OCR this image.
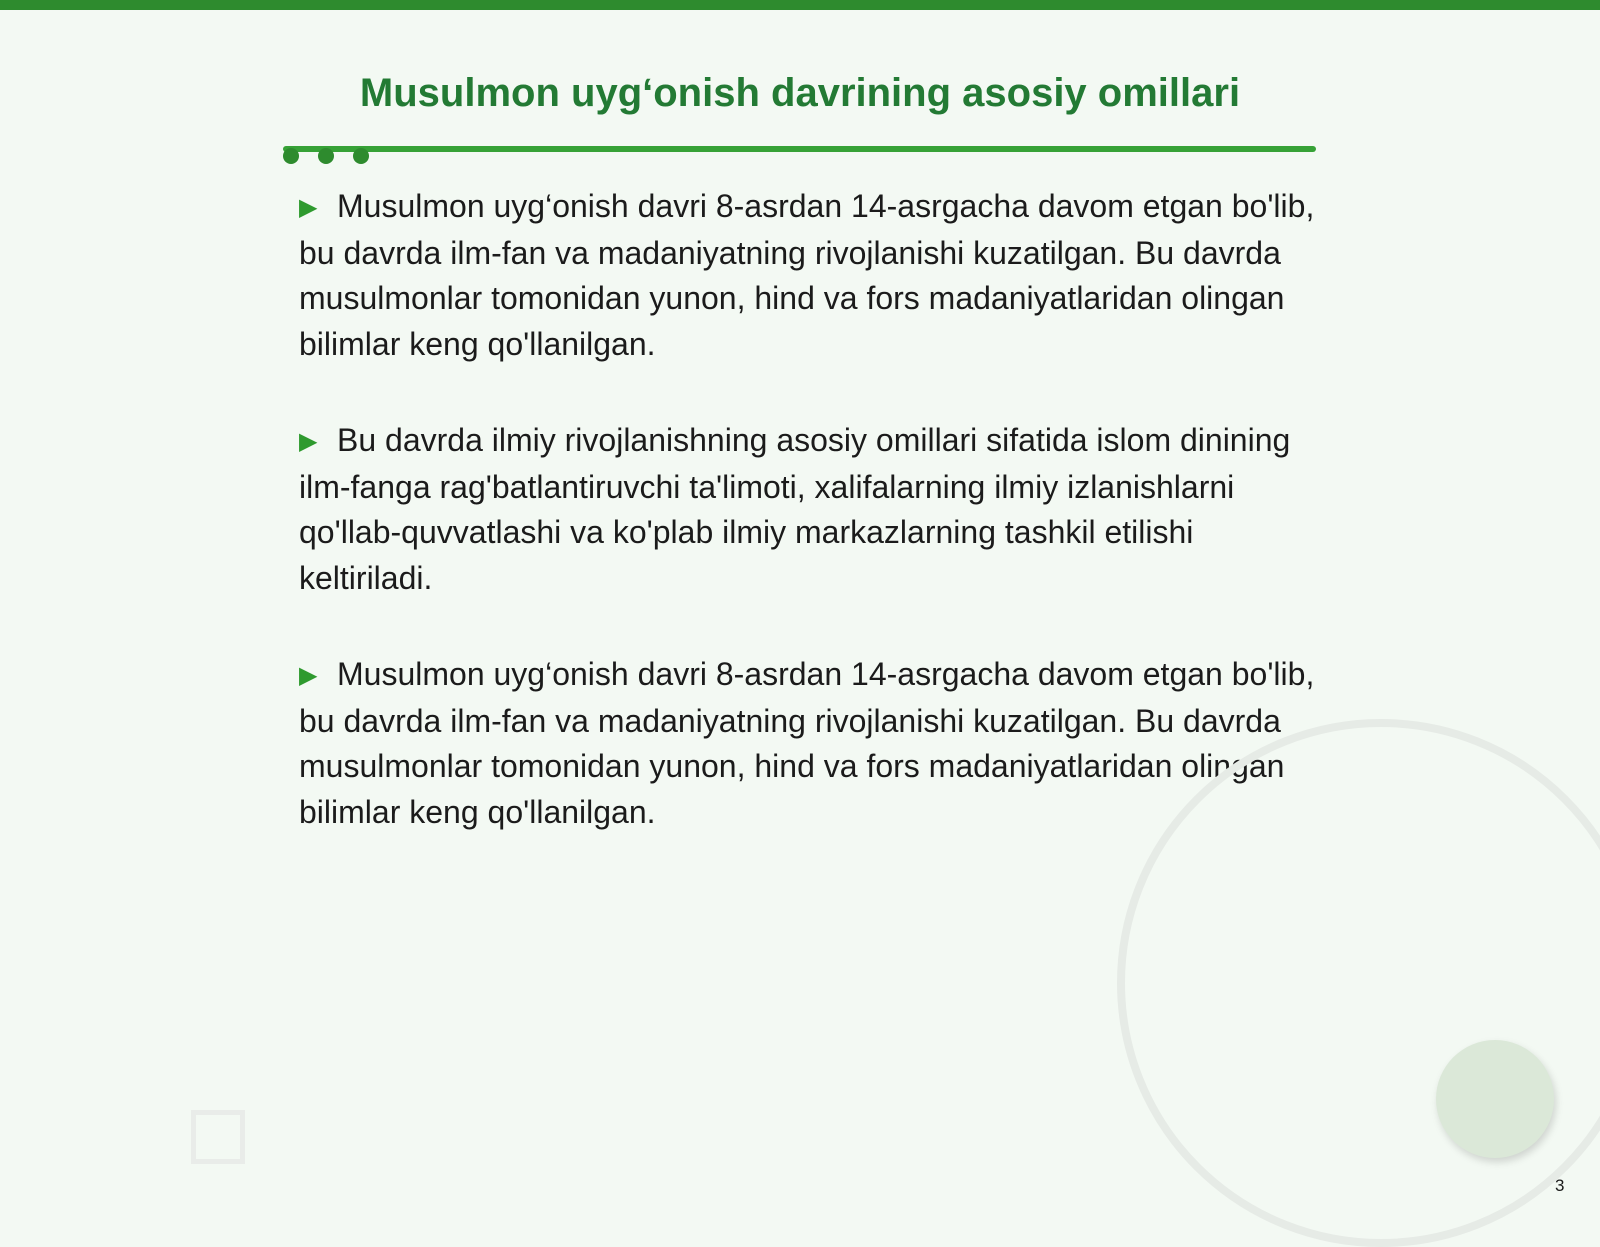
Musulmon uyg‘onish davrining asosiy omillari

▶ Musulmon uyg‘onish davri 8-asrdan 14-asrgacha davom etgan bo'lib, bu davrda ilm-fan va madaniyatning rivojlanishi kuzatilgan. Bu davrda musulmonlar tomonidan yunon, hind va fors madaniyatlaridan olingan bilimlar keng qo'llanilgan.

▶ Bu davrda ilmiy rivojlanishning asosiy omillari sifatida islom dinining ilm-fanga rag'batlantiruvchi ta'limoti, xalifalarning ilmiy izlanishlarni qo'llab-quvvatlashi va ko'plab ilmiy markazlarning tashkil etilishi keltiriladi.

▶ Musulmon uyg‘onish davri 8-asrdan 14-asrgacha davom etgan bo'lib, bu davrda ilm-fan va madaniyatning rivojlanishi kuzatilgan. Bu davrda musulmonlar tomonidan yunon, hind va fors madaniyatlaridan olingan bilimlar keng qo'llanilgan.

3
